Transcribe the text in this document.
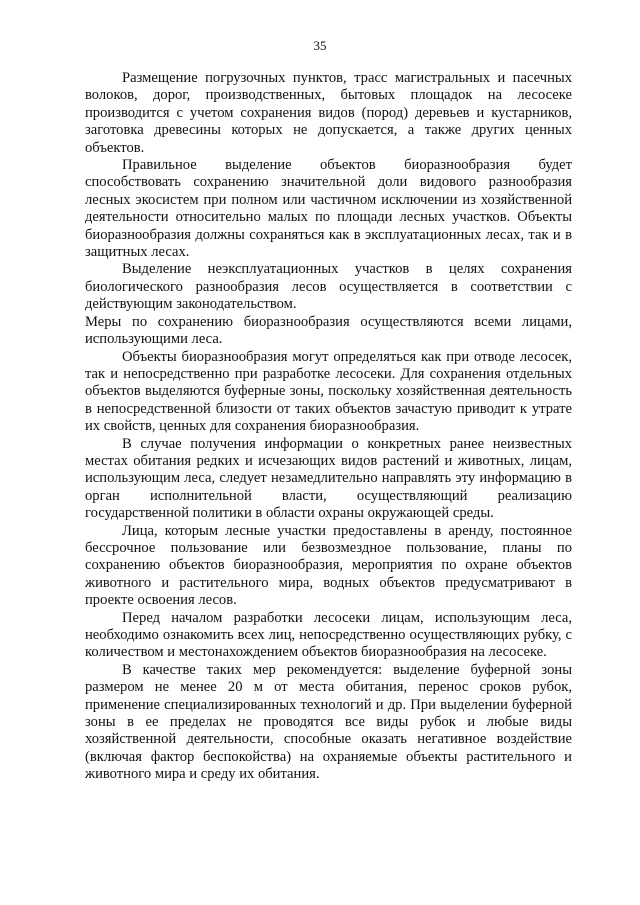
35

Размещение погрузочных пунктов, трасс магистральных и пасечных волоков, дорог, производственных, бытовых площадок на лесосеке производится с учетом сохранения видов (пород) деревьев и кустарников, заготовка древесины которых не допускается, а также других ценных объектов.

Правильное выделение объектов биоразнообразия будет способствовать сохранению значительной доли видового разнообразия лесных экосистем при полном или частичном исключении из хозяйственной деятельности относительно малых по площади лесных участков. Объекты биоразнообразия должны сохраняться как в эксплуатационных лесах, так и в защитных лесах.

Выделение неэксплуатационных участков в целях сохранения биологического разнообразия лесов осуществляется в соответствии с действующим законодательством.

Меры по сохранению биоразнообразия осуществляются всеми лицами, использующими леса.

Объекты биоразнообразия могут определяться как при отводе лесосек, так и непосредственно при разработке лесосеки. Для сохранения отдельных объектов выделяются буферные зоны, поскольку хозяйственная деятельность в непосредственной близости от таких объектов зачастую приводит к утрате их свойств, ценных для сохранения биоразнообразия.

В случае получения информации о конкретных ранее неизвестных местах обитания редких и исчезающих видов растений и животных, лицам, использующим леса, следует незамедлительно направлять эту информацию в орган исполнительной власти, осуществляющий реализацию государственной политики в области охраны окружающей среды.

Лица, которым лесные участки предоставлены в аренду, постоянное бессрочное пользование или безвозмездное пользование, планы по сохранению объектов биоразнообразия, мероприятия по охране объектов животного и растительного мира, водных объектов предусматривают в проекте освоения лесов.

Перед началом разработки лесосеки лицам, использующим леса, необходимо ознакомить всех лиц, непосредственно осуществляющих рубку, с количеством и местонахождением объектов биоразнообразия на лесосеке.

В качестве таких мер рекомендуется: выделение буферной зоны размером не менее 20 м от места обитания, перенос сроков рубок, применение специализированных технологий и др. При выделении буферной зоны в ее пределах не проводятся все виды рубок и любые виды хозяйственной деятельности, способные оказать негативное воздействие (включая фактор беспокойства) на охраняемые объекты растительного и животного мира и среду их обитания.
